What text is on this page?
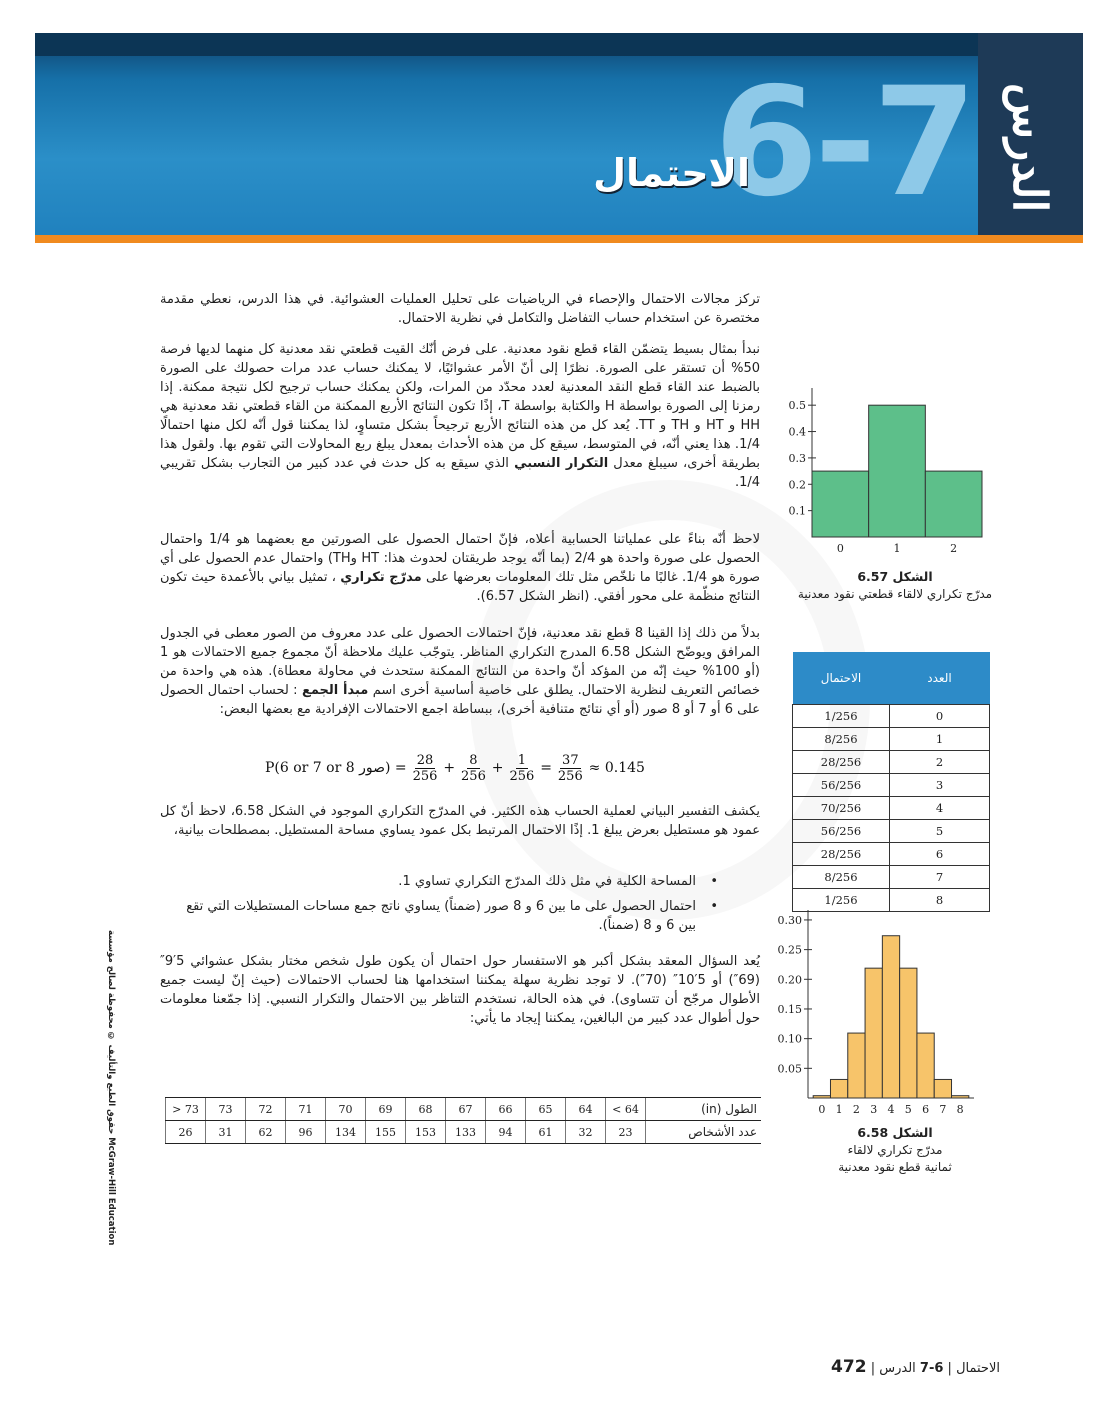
الدرس
6-7
الاحتمال
تركز مجالات الاحتمال والإحصاء في الرياضيات على تحليل العمليات العشوائية. في هذا الدرس، نعطي مقدمة مختصرة عن استخدام حساب التفاضل والتكامل في نظرية الاحتمال.
نبدأ بمثال بسيط يتضمّن القاء قطع نقود معدنية. على فرض أنّك القيت قطعتي نقد معدنية كل منهما لديها فرصة 50% أن تستقر على الصورة. نظرًا إلى أنّ الأمر عشوائيًا، لا يمكنك حساب عدد مرات حصولك على الصورة بالضبط عند القاء قطع النقد المعدنية لعدد محدّد من المرات، ولكن يمكنك حساب ترجيح لكل نتيجة ممكنة. إذا رمزنا إلى الصورة بواسطة H والكتابة بواسطة T، إذًا تكون النتائج الأربع الممكنة من القاء قطعتي نقد معدنية هي HH و HT و TH و TT. يُعد كل من هذه النتائج الأربع ترجيحاً بشكل متساوٍ، لذا يمكننا قول أنّه لكل منها احتمالًا 1/4. هذا يعني أنّه، في المتوسط، سيقع كل من هذه الأحداث بمعدل يبلغ ربع المحاولات التي تقوم بها. ولقول هذا بطريقة أخرى، سيبلغ معدل التكرار النسبي الذي سيقع به كل حدث في عدد كبير من التجارب بشكل تقريبي 1/4.
لاحظ أنّه بناءً على عملياتنا الحسابية أعلاه، فإنّ احتمال الحصول على الصورتين مع بعضهما هو 1/4 واحتمال الحصول على صورة واحدة هو 2/4 (بما أنّه يوجد طريقتان لحدوث هذا: HT وTH) واحتمال عدم الحصول على أي صورة هو 1/4. غالبًا ما نلخّص مثل تلك المعلومات بعرضها على مدرّج تكراري ، تمثيل بياني بالأعمدة حيث تكون النتائج منظّمة على محور أفقي. (انظر الشكل 6.57).
بدلاً من ذلك إذا القينا 8 قطع نقد معدنية، فإنّ احتمالات الحصول على عدد معروف من الصور معطى في الجدول المرافق ويوضّح الشكل 6.58 المدرج التكراري المناظر. يتوجّب عليك ملاحظة أنّ مجموع جميع الاحتمالات هو 1 (أو 100% حيث إنّه من المؤكد أنّ واحدة من النتائج الممكنة ستحدث في محاولة معطاة). هذه هي واحدة من خصائص التعريف لنظرية الاحتمال. يطلق على خاصية أساسية أخرى اسم مبدأ الجمع : لحساب احتمال الحصول على 6 أو 7 أو 8 صور (أو أي نتائج متنافية أخرى)، ببساطة اجمع الاحتمالات الإفرادية مع بعضها البعض:
P(6 or 7 or 8 صور) = $\frac{28}{256} + \frac{8}{256} + \frac{1}{256} = \frac{37}{256} \approx 0.145$
يكشف التفسير البياني لعملية الحساب هذه الكثير. في المدرّج التكراري الموجود في الشكل 6.58، لاحظ أنّ كل عمود هو مستطيل بعرض يبلغ 1. إذًا الاحتمال المرتبط بكل عمود يساوي مساحة المستطيل. بمصطلحات بيانية،
• المساحة الكلية في مثل ذلك المدرّج التكراري تساوي 1.
• احتمال الحصول على ما بين 6 و 8 صور (ضمناً) يساوي ناتج جمع مساحات المستطيلات التي تقع بين 6 و 8 (ضمناً).
يُعد السؤال المعقد بشكل أكبر هو الاستفسار حول احتمال أن يكون طول شخص مختار بشكل عشوائي 5′9″ (69″) أو 5′10″ (70″). لا توجد نظرية سهلة يمكننا استخدامها هنا لحساب الاحتمالات (حيث إنّ ليست جميع الأطوال مرجّح أن تتساوى). في هذه الحالة، نستخدم التناظر بين الاحتمال والتكرار النسبي. إذا جمّعنا معلومات حول أطوال عدد كبير من البالغين، يمكننا إيجاد ما يأتي:
> 73	73	72	71	70	69	68	67	66	65	64	< 64	الطول (in)
26	31	62	96	134	155	153	133	94	61	32	23	عدد الأشخاص
0.1
0.2
0.3
0.4
0.5
0	1	2
الشكل 6.57
مدرّج تكراري لالقاء قطعتي نقود معدنية
الاحتمال	العدد
1/256	0
8/256	1
28/256	2
56/256	3
70/256	4
56/256	5
28/256	6
8/256	7
1/256	8
0.05
0.10
0.15
0.20
0.25
0.30
0 1 2 3 4 5 6 7 8
الشكل 6.58
مدرّج تكراري لالقاء
ثمانية قطع نقود معدنية
حقوق الطبع والتأليف © محفوظة لصالح مؤسسة McGraw-Hill Education
الاحتمال | 6-7 الدرس | 472
